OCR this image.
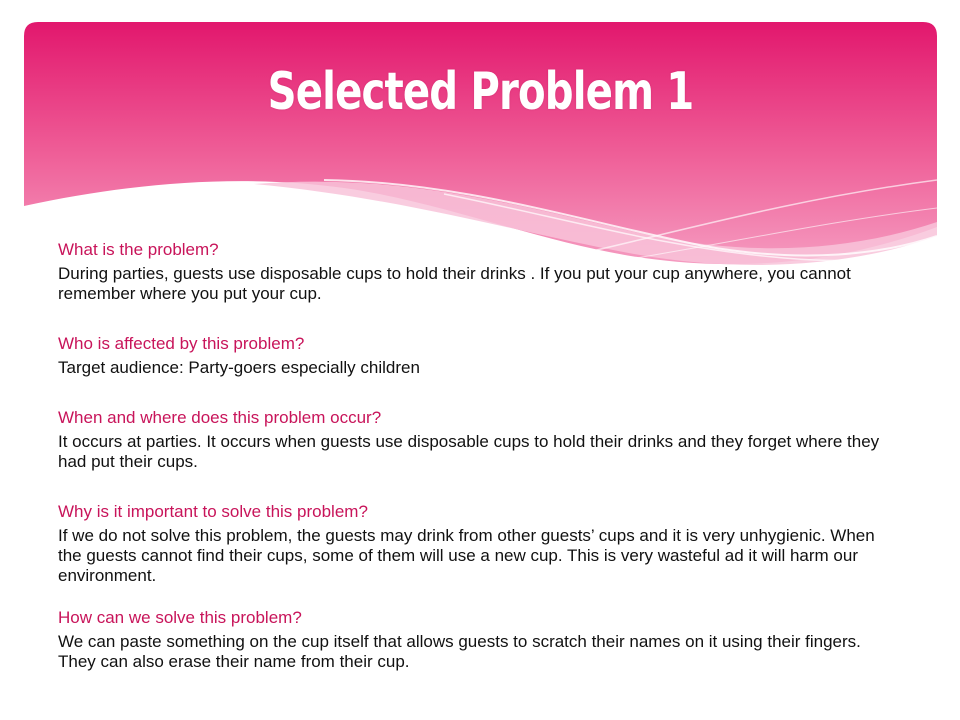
Selected Problem 1

What is the problem?

During parties, guests use disposable cups to hold their drinks . If you put your cup anywhere, you cannot remember where you put your cup.

Who is affected by this problem?

Target audience: Party-goers especially children

When and where does this problem occur?

It occurs at parties. It occurs when guests use disposable cups to hold their drinks and they forget where they had put their cups.

Why is it important to solve this problem?

If we do not solve this problem, the guests may drink from other guests’ cups and it is very unhygienic. When the guests cannot find their cups, some of them will use a new cup. This is very wasteful ad it will harm our environment.

How can we solve this problem?

We can paste something on the cup itself that allows guests to scratch their names on it using their fingers. They can also erase their name from their cup.
